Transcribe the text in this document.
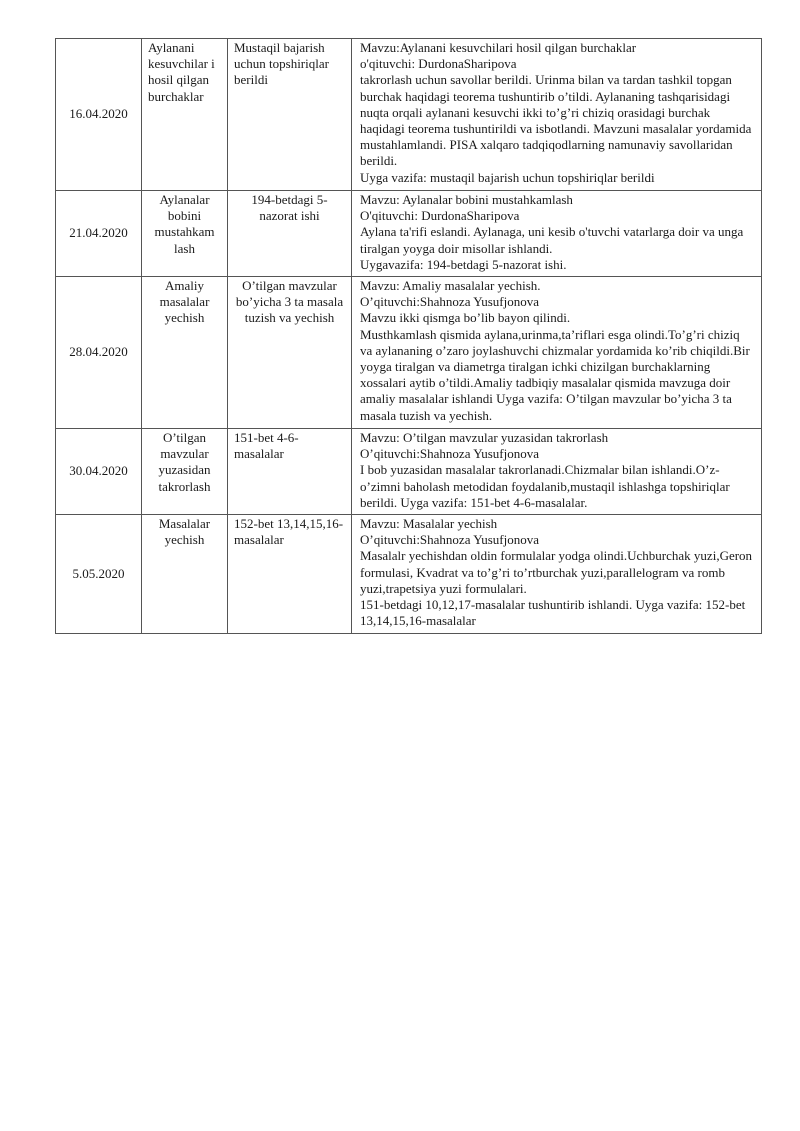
16.04.2020	Aylanani kesuvchilar i hosil qilgan burchaklar	Mustaqil bajarish uchun topshiriqlar berildi	Mavzu:Aylanani kesuvchilari hosil qilgan burchaklar
o'qituvchi: DurdonaSharipova
takrorlash uchun savollar berildi. Urinma bilan va tardan tashkil topgan burchak haqidagi teorema tushuntirib o’tildi. Aylananing tashqarisidagi nuqta orqali aylanani kesuvchi ikki to’g’ri chiziq orasidagi burchak haqidagi teorema tushuntirildi va isbotlandi. Mavzuni masalalar yordamida mustahlamlandi. PISA xalqaro tadqiqodlarning namunaviy savollaridan berildi.
Uyga vazifa: mustaqil bajarish uchun topshiriqlar berildi

21.04.2020	Aylanalar bobini mustahkam lash	194-betdagi 5-nazorat ishi	Mavzu: Aylanalar bobini mustahkamlash
O'qituvchi: DurdonaSharipova
Aylana ta'rifi eslandi. Aylanaga, uni kesib o'tuvchi vatarlarga doir va unga tiralgan yoyga doir misollar ishlandi.
Uygavazifa: 194-betdagi 5-nazorat ishi.

28.04.2020	Amaliy masalalar yechish	O’tilgan mavzular bo’yicha 3 ta masala tuzish va yechish	Mavzu: Amaliy masalalar yechish.
O’qituvchi:Shahnoza Yusufjonova
Mavzu ikki qismga bo’lib bayon qilindi.
Musthkamlash qismida aylana,urinma,ta’riflari esga olindi.To’g’ri chiziq va aylananing o’zaro joylashuvchi chizmalar yordamida ko’rib chiqildi.Bir yoyga tiralgan va diametrga tiralgan ichki chizilgan burchaklarning xossalari aytib o’tildi.Amaliy tadbiqiy masalalar qismida mavzuga doir amaliy masalalar ishlandi Uyga vazifa: O’tilgan mavzular bo’yicha 3 ta masala tuzish va yechish.

30.04.2020	O’tilgan mavzular yuzasidan takrorlash	151-bet 4-6-masalalar	Mavzu: O’tilgan mavzular yuzasidan takrorlash
O’qituvchi:Shahnoza Yusufjonova
I bob yuzasidan masalalar takrorlanadi.Chizmalar bilan ishlandi.O’z-o’zimni baholash metodidan foydalanib,mustaqil ishlashga topshiriqlar berildi. Uyga vazifa: 151-bet 4-6-masalalar.

5.05.2020	Masalalar yechish	152-bet 13,14,15,16-masalalar	Mavzu: Masalalar yechish
O’qituvchi:Shahnoza Yusufjonova
Masalalr yechishdan oldin formulalar yodga olindi.Uchburchak yuzi,Geron formulasi, Kvadrat va to’g’ri to’rtburchak yuzi,parallelogram va romb yuzi,trapetsiya yuzi formulalari.
151-betdagi 10,12,17-masalalar tushuntirib ishlandi. Uyga vazifa: 152-bet 13,14,15,16-masalalar
